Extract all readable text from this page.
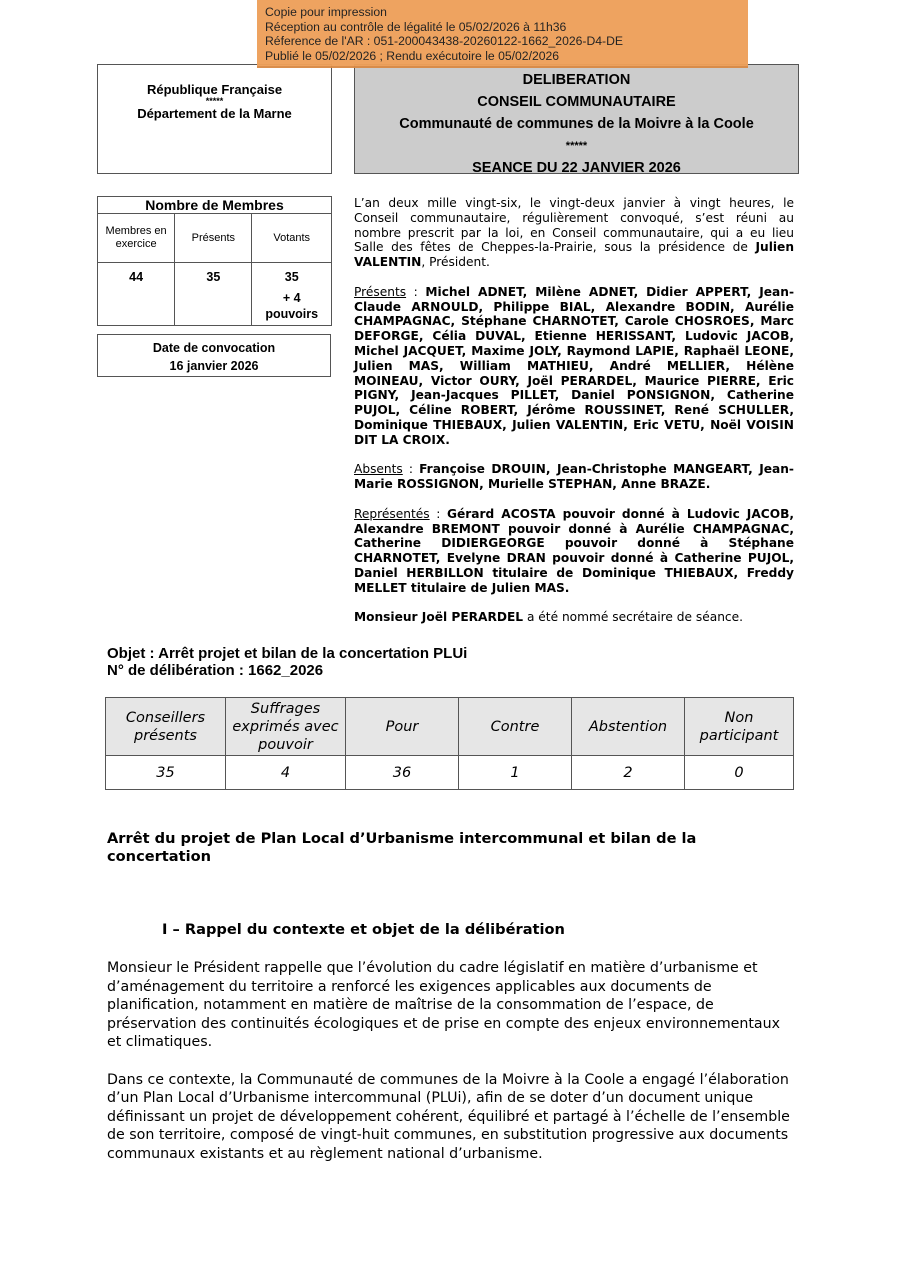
Copie pour impression
Réception au contrôle de légalité le 05/02/2026 à 11h36
Réference de l'AR : 051-200043438-20260122-1662_2026-D4-DE
Publié le 05/02/2026 ; Rendu exécutoire le 05/02/2026
République Française
*****
Département de la Marne
DELIBERATION
CONSEIL COMMUNAUTAIRE
Communauté de communes de la Moivre à la Coole
*****
SEANCE DU 22 JANVIER 2026
Nombre de Membres		
Membres en exercice	Présents	Votants
44	35	35
+ 4
pouvoirs
Date de convocation
16 janvier 2026

L’an deux mille vingt-six, le vingt-deux janvier à vingt heures, le Conseil communautaire, régulièrement convoqué, s’est réuni au nombre prescrit par la loi, en Conseil communautaire, qui a eu lieu Salle des fêtes de Cheppes-la-Prairie, sous la présidence de Julien VALENTIN, Président.

Présents : Michel ADNET, Milène ADNET, Didier APPERT, Jean-Claude ARNOULD, Philippe BIAL, Alexandre BODIN, Aurélie CHAMPAGNAC, Stéphane CHARNOTET, Carole CHOSROES, Marc DEFORGE, Célia DUVAL, Etienne HERISSANT, Ludovic JACOB, Michel JACQUET, Maxime JOLY, Raymond LAPIE, Raphaël LEONE, Julien MAS, William MATHIEU, André MELLIER, Hélène MOINEAU, Victor OURY, Joël PERARDEL, Maurice PIERRE, Eric PIGNY, Jean-Jacques PILLET, Daniel PONSIGNON, Catherine PUJOL, Céline ROBERT, Jérôme ROUSSINET, René SCHULLER, Dominique THIEBAUX, Julien VALENTIN, Eric VETU, Noël VOISIN DIT LA CROIX.

Absents : Françoise DROUIN, Jean-Christophe MANGEART, Jean-Marie ROSSIGNON, Murielle STEPHAN, Anne BRAZE.

Représentés : Gérard ACOSTA pouvoir donné à Ludovic JACOB, Alexandre BREMONT pouvoir donné à Aurélie CHAMPAGNAC, Catherine DIDIERGEORGE pouvoir donné à Stéphane CHARNOTET, Evelyne DRAN pouvoir donné à Catherine PUJOL, Daniel HERBILLON titulaire de Dominique THIEBAUX, Freddy MELLET titulaire de Julien MAS.

Monsieur Joël PERARDEL a été nommé secrétaire de séance.

Objet : Arrêt projet et bilan de la concertation PLUi
N° de délibération : 1662_2026
Conseillers présents	Suffrages exprimés avec pouvoir	Pour	Contre	Abstention	Non participant
35	4	36	1	2	0
Arrêt du projet de Plan Local d’Urbanisme intercommunal et bilan de la concertation
I – Rappel du contexte et objet de la délibération

Monsieur le Président rappelle que l’évolution du cadre législatif en matière d’urbanisme et d’aménagement du territoire a renforcé les exigences applicables aux documents de planification, notamment en matière de maîtrise de la consommation de l’espace, de préservation des continuités écologiques et de prise en compte des enjeux environnementaux et climatiques.

Dans ce contexte, la Communauté de communes de la Moivre à la Coole a engagé l’élaboration d’un Plan Local d’Urbanisme intercommunal (PLUi), afin de se doter d’un document unique définissant un projet de développement cohérent, équilibré et partagé à l’échelle de l’ensemble de son territoire, composé de vingt-huit communes, en substitution progressive aux documents communaux existants et au règlement national d’urbanisme.
